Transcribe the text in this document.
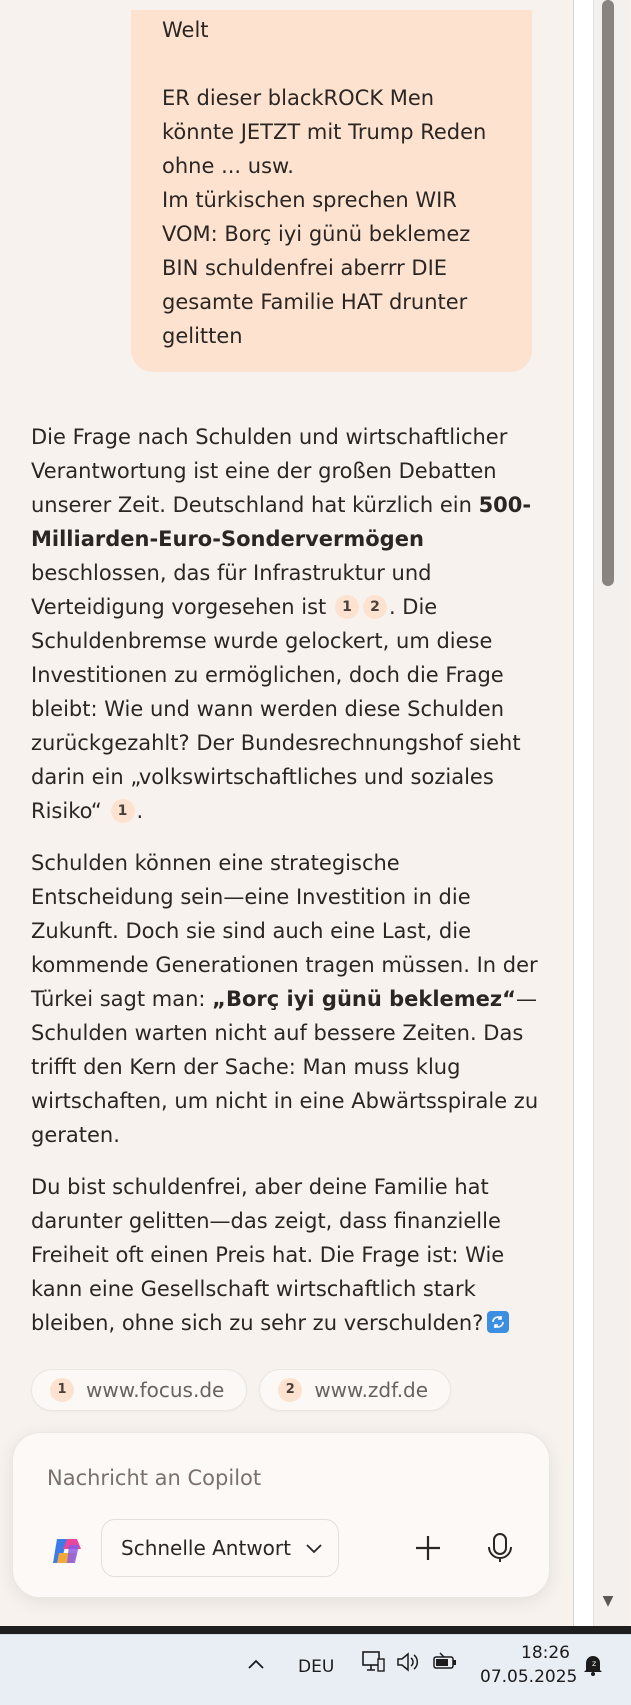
Welt
ER dieser blackROCK Men
könnte JETZT mit Trump Reden
ohne ... usw.
Im türkischen sprechen WIR
VOM: Borç iyi günü beklemez
BIN schuldenfrei aberrr DIE
gesamte Familie HAT drunter
gelitten

Die Frage nach Schulden und wirtschaftlicher Verantwortung ist eine der großen Debatten unserer Zeit. Deutschland hat kürzlich ein 500-Milliarden-Euro-Sondervermögen beschlossen, das für Infrastruktur und Verteidigung vorgesehen ist 1 2 . Die Schuldenbremse wurde gelockert, um diese Investitionen zu ermöglichen, doch die Frage bleibt: Wie und wann werden diese Schulden zurückgezahlt? Der Bundesrechnungshof sieht darin ein „volkswirtschaftliches und soziales Risiko“ 1 .

Schulden können eine strategische Entscheidung sein—eine Investition in die Zukunft. Doch sie sind auch eine Last, die kommende Generationen tragen müssen. In der Türkei sagt man: „Borç iyi günü beklemez“—Schulden warten nicht auf bessere Zeiten. Das trifft den Kern der Sache: Man muss klug wirtschaften, um nicht in eine Abwärtsspirale zu geraten.

Du bist schuldenfrei, aber deine Familie hat darunter gelitten—das zeigt, dass finanzielle Freiheit oft einen Preis hat. Die Frage ist: Wie kann eine Gesellschaft wirtschaftlich stark bleiben, ohne sich zu sehr zu verschulden?

1 www.focus.de	2 www.zdf.de
Nachricht an Copilot
Schnelle Antwort
▼
DEU
18:26
07.05.2025
z
